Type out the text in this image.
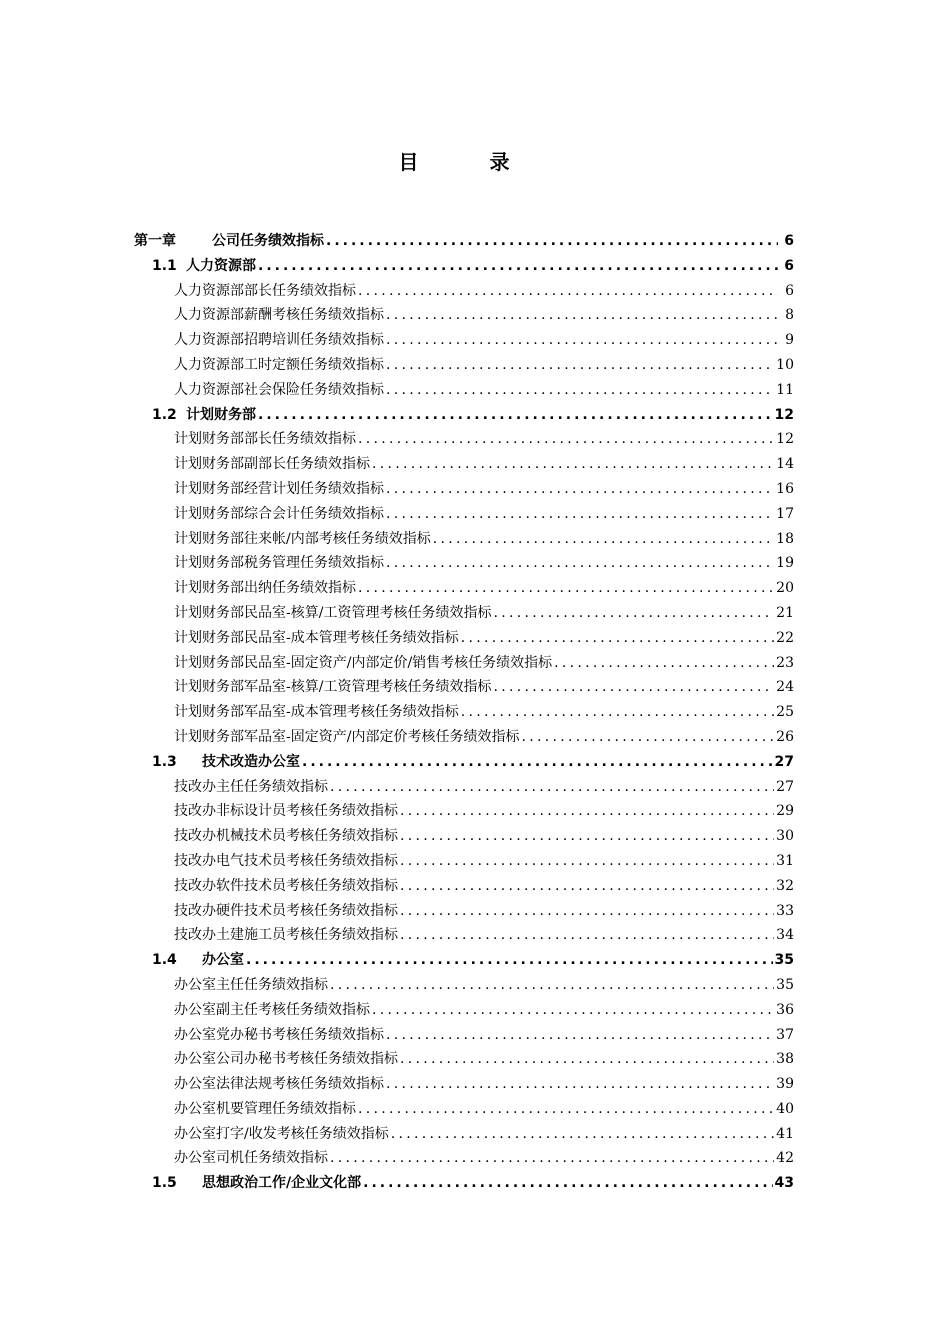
目 录
第一章	公司任务绩效指标 .....	6
1.1 人力资源部 .....	6
人力资源部部长任务绩效指标 .....	6
人力资源部薪酬考核任务绩效指标 .....	8
人力资源部招聘培训任务绩效指标 .....	9
人力资源部工时定额任务绩效指标 .....	10
人力资源部社会保险任务绩效指标 .....	11
1.2 计划财务部 .....	12
计划财务部部长任务绩效指标 .....	12
计划财务部副部长任务绩效指标 .....	14
计划财务部经营计划任务绩效指标 .....	16
计划财务部综合会计任务绩效指标 .....	17
计划财务部往来帐/内部考核任务绩效指标 .....	18
计划财务部税务管理任务绩效指标 .....	19
计划财务部出纳任务绩效指标 .....	20
计划财务部民品室-核算/工资管理考核任务绩效指标 .....	21
计划财务部民品室-成本管理考核任务绩效指标 .....	22
计划财务部民品室-固定资产/内部定价/销售考核任务绩效指标 .....	23
计划财务部军品室-核算/工资管理考核任务绩效指标 .....	24
计划财务部军品室-成本管理考核任务绩效指标 .....	25
计划财务部军品室-固定资产/内部定价考核任务绩效指标 .....	26
1.3	技术改造办公室 .....	27
技改办主任任务绩效指标 .....	27
技改办非标设计员考核任务绩效指标 .....	29
技改办机械技术员考核任务绩效指标 .....	30
技改办电气技术员考核任务绩效指标 .....	31
技改办软件技术员考核任务绩效指标 .....	32
技改办硬件技术员考核任务绩效指标 .....	33
技改办土建施工员考核任务绩效指标 .....	34
1.4	办公室 .....	35
办公室主任任务绩效指标 .....	35
办公室副主任考核任务绩效指标 .....	36
办公室党办秘书考核任务绩效指标 .....	37
办公室公司办秘书考核任务绩效指标 .....	38
办公室法律法规考核任务绩效指标 .....	39
办公室机要管理任务绩效指标 .....	40
办公室打字/收发考核任务绩效指标 .....	41
办公室司机任务绩效指标 .....	42
1.5	思想政治工作/企业文化部 .....	43
